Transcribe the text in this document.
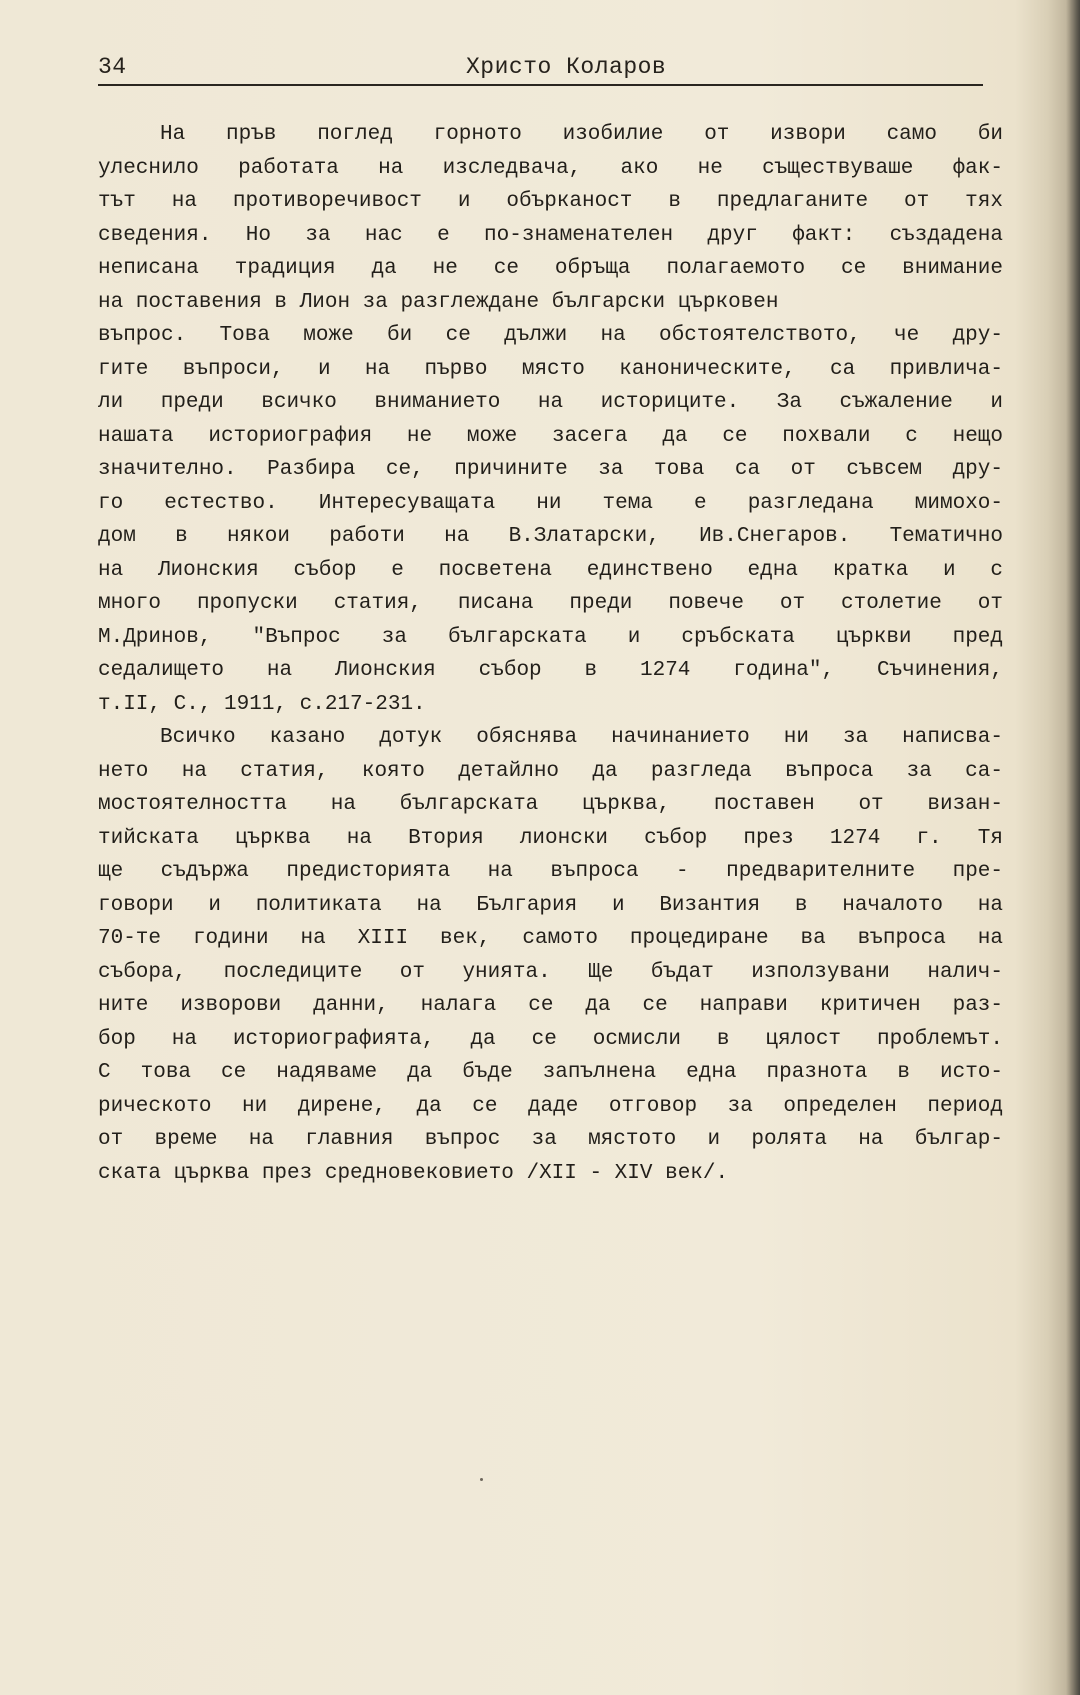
34	Христо Коларов
На пръв поглед горното изобилие от извори само би
улеснило работата на изследвача, ако не съществуваше фак-
тът на противоречивост и обърканост в предлаганите от тях
сведения. Но за нас е по-знаменателен друг факт: създадена
неписана традиция да не се обръща полагаемото се внимание
на поставения в Лион за разглеждане български църковен
въпрос. Това може би се дължи на обстоятелството, че дру-
гите въпроси, и на първо място каноническите, са привлича-
ли преди всичко вниманието на историците. За съжаление и
нашата историография не може засега да се похвали с нещо
значително. Разбира се, причините за това са от съвсем дру-
го естество. Интересуващата ни тема е разгледана мимохо-
дом в някои работи на В.Златарски, Ив.Снегаров. Тематично
на Лионския събор е посветена единствено една кратка и с
много пропуски статия, писана преди повече от столетие от
М.Дринов, "Въпрос за българската и сръбската църкви пред
седалището на Лионския събор в 1274 година", Съчинения,
т.II, С., 1911, с.217-231.
Всичко казано дотук обяснява начинанието ни за написва-
нето на статия, която детайлно да разгледа въпроса за са-
мостоятелността на българската църква, поставен от визан-
тийската църква на Втория лионски събор през 1274 г. Тя
ще съдържа предисторията на въпроса - предварителните пре-
говори и политиката на България и Византия в началото на
70-те години на XIII век, самото процедиране ва въпроса на
събора, последиците от унията. Ще бъдат използувани налич-
ните изворови данни, налага се да се направи критичен раз-
бор на историографията, да се осмисли в цялост проблемът.
С това се надяваме да бъде запълнена една празнота в исто-
рическото ни дирене, да се даде отговор за определен период
от време на главния въпрос за мястото и ролята на българ-
ската църква през средновековието /XII - XIV век/.
